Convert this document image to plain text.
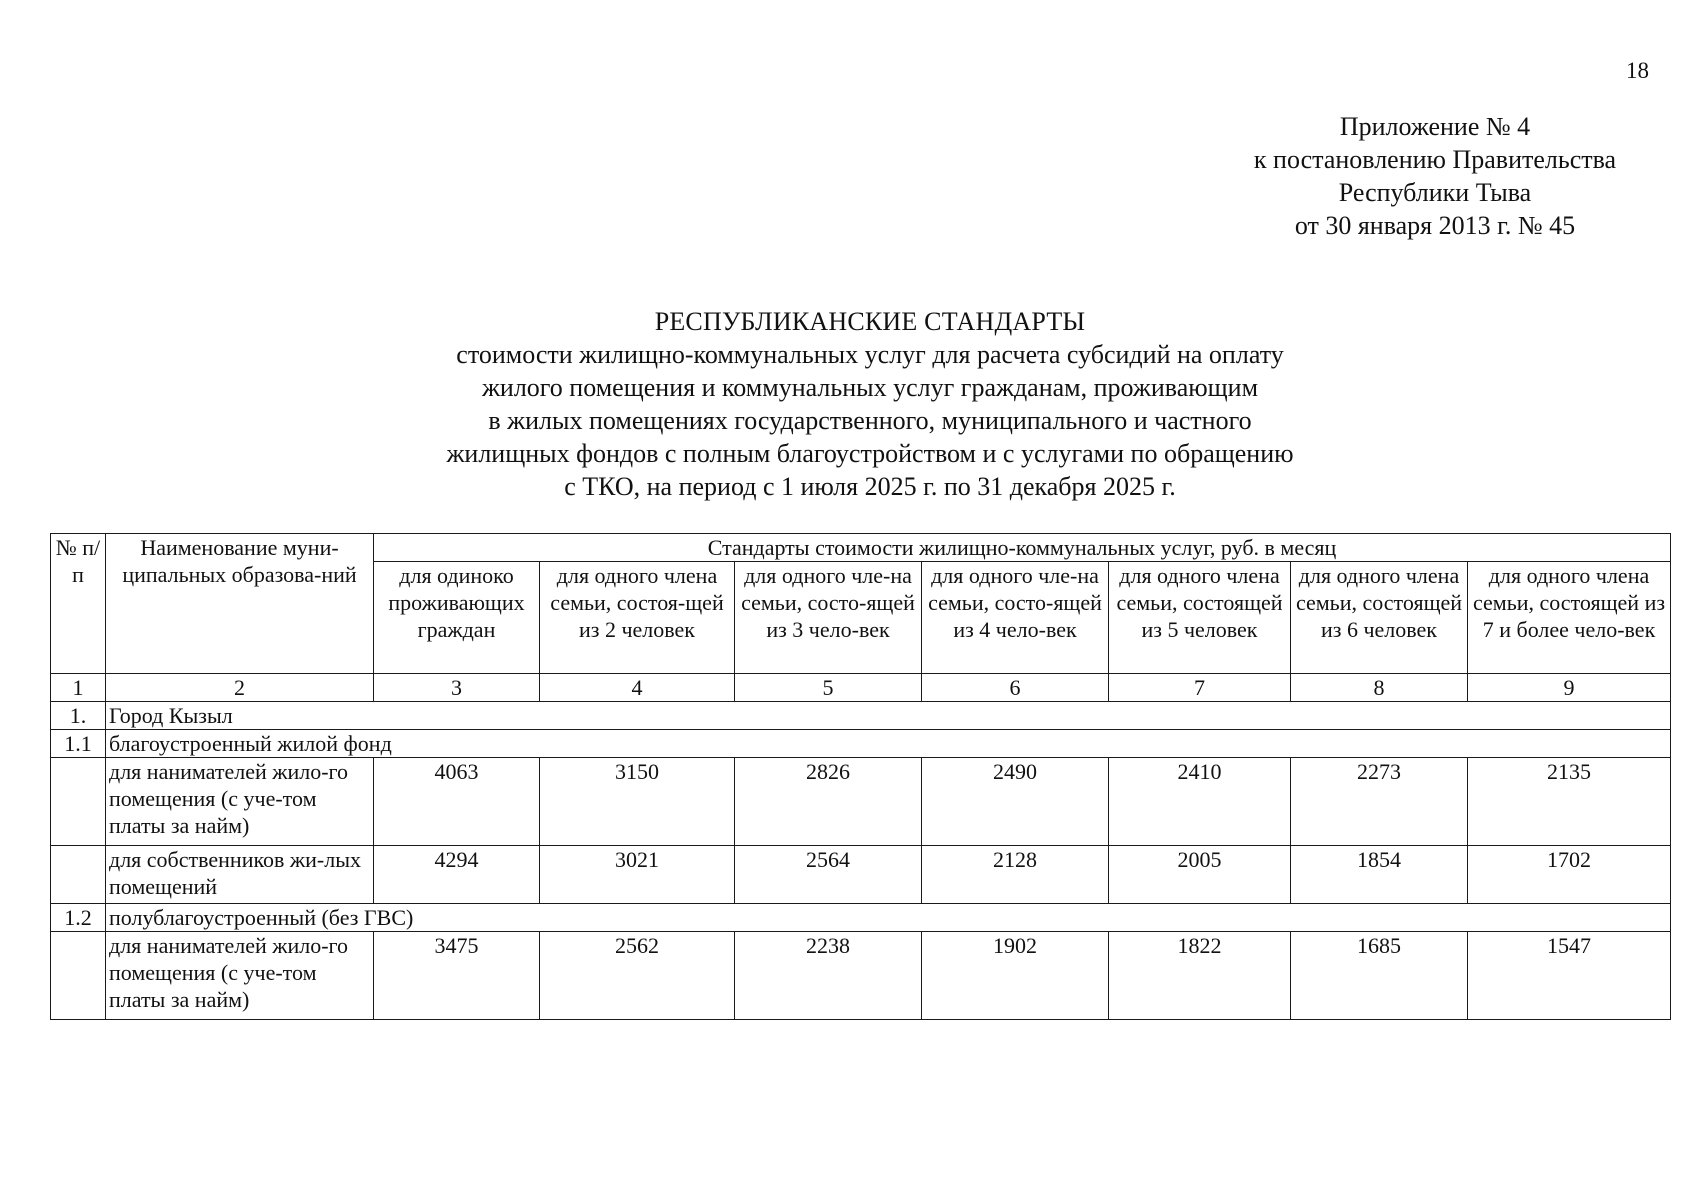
18
Приложение № 4
к постановлению Правительства
Республики Тыва
от 30 января 2013 г. № 45
РЕСПУБЛИКАНСКИЕ СТАНДАРТЫ
стоимости жилищно-коммунальных услуг для расчета субсидий на оплату
жилого помещения и коммунальных услуг гражданам, проживающим
в жилых помещениях государственного, муниципального и частного
жилищных фондов с полным благоустройством и с услугами по обращению
с ТКО, на период с 1 июля 2025 г. по 31 декабря 2025 г.
№ п/п	Наименование муни-ципальных образова-ний	Стандарты стоимости жилищно-коммунальных услуг, руб. в месяц						
		для одиноко проживающих граждан	для одного члена семьи, состоя-щей из 2 человек	для одного чле-на семьи, состо-ящей из 3 чело-век	для одного чле-на семьи, состо-ящей из 4 чело-век	для одного члена семьи, состоящей из 5 человек	для одного члена семьи, состоящей из 6 человек	для одного члена семьи, состоящей из 7 и более чело-век
1	2	3	4	5	6	7	8	9
1.	Город Кызыл							
1.1	благоустроенный жилой фонд							
	для нанимателей жило-го помещения (с уче-том платы за найм)	4063	3150	2826	2490	2410	2273	2135
	для собственников жи-лых помещений	4294	3021	2564	2128	2005	1854	1702
1.2	полублагоустроенный (без ГВС)							
	для нанимателей жило-го помещения (с уче-том платы за найм)	3475	2562	2238	1902	1822	1685	1547
